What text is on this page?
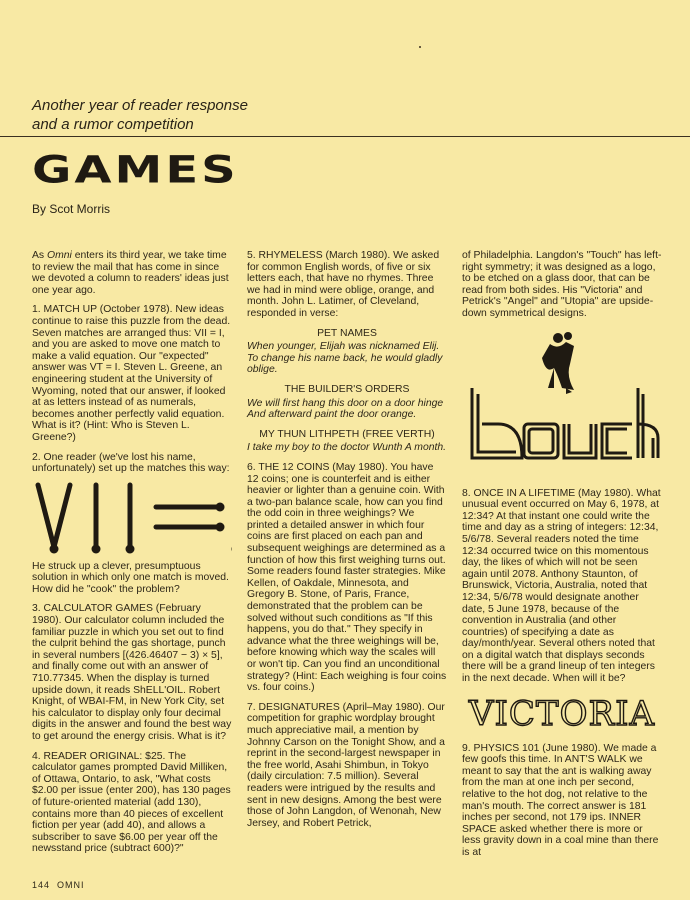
Another year of reader response
and a rumor competition
GAMES
By Scot Morris

As Omni enters its third year, we take time to review the mail that has come in since we devoted a column to readers' ideas just one year ago.

1. MATCH UP (October 1978). New ideas continue to raise this puzzle from the dead. Seven matches are arranged thus: VII = I, and you are asked to move one match to make a valid equation. Our "expected" answer was VT = I. Steven L. Greene, an engineering student at the University of Wyoming, noted that our answer, if looked at as letters instead of as numerals, becomes another perfectly valid equation. What is it? (Hint: Who is Steven L. Greene?)

2. One reader (we've lost his name, unfortunately) set up the matches this way:

He struck up a clever, presumptuous solution in which only one match is moved. How did he "cook" the problem?

3. CALCULATOR GAMES (February 1980). Our calculator column included the familiar puzzle in which you set out to find the culprit behind the gas shortage, punch in several numbers [(426.46407 − 3) × 5], and finally come out with an answer of 710.77345. When the display is turned upside down, it reads ShELL'OIL. Robert Knight, of WBAI-FM, in New York City, set his calculator to display only four decimal digits in the answer and found the best way to get around the energy crisis. What is it?

4. READER ORIGINAL: $25. The calculator games prompted David Milliken, of Ottawa, Ontario, to ask, "What costs $2.00 per issue (enter 200), has 130 pages of future-oriented material (add 130), contains more than 40 pieces of excellent fiction per year (add 40), and allows a subscriber to save $6.00 per year off the newsstand price (subtract 600)?"

5. RHYMELESS (March 1980). We asked for common English words, of five or six letters each, that have no rhymes. Three we had in mind were oblige, orange, and month. John L. Latimer, of Cleveland, responded in verse:

PET NAMES

When younger, Elijah was nicknamed Elij. To change his name back, he would gladly oblige.

THE BUILDER'S ORDERS

We will first hang this door on a door hinge And afterward paint the door orange.

MY THUN LITHPETH (FREE VERTH)

I take my boy to the doctor Wunth A month.

6. THE 12 COINS (May 1980). You have 12 coins; one is counterfeit and is either heavier or lighter than a genuine coin. With a two-pan balance scale, how can you find the odd coin in three weighings? We printed a detailed answer in which four coins are first placed on each pan and subsequent weighings are determined as a function of how this first weighing turns out. Some readers found faster strategies. Mike Kellen, of Oakdale, Minnesota, and Gregory B. Stone, of Paris, France, demonstrated that the problem can be solved without such conditions as "If this happens, you do that." They specify in advance what the three weighings will be, before knowing which way the scales will or won't tip. Can you find an unconditional strategy? (Hint: Each weighing is four coins vs. four coins.)

7. DESIGNATURES (April–May 1980). Our competition for graphic wordplay brought much appreciative mail, a mention by Johnny Carson on the Tonight Show, and a reprint in the second-largest newspaper in the free world, Asahi Shimbun, in Tokyo (daily circulation: 7.5 million). Several readers were intrigued by the results and sent in new designs. Among the best were those of John Langdon, of Wenonah, New Jersey, and Robert Petrick,

of Philadelphia. Langdon's "Touch" has left-right symmetry; it was designed as a logo, to be etched on a glass door, that can be read from both sides. His "Victoria" and Petrick's "Angel" and "Utopia" are upside-down symmetrical designs.

8. ONCE IN A LIFETIME (May 1980). What unusual event occurred on May 6, 1978, at 12:34? At that instant one could write the time and day as a string of integers: 12:34, 5/6/78. Several readers noted the time 12:34 occurred twice on this momentous day, the likes of which will not be seen again until 2078. Anthony Staunton, of Brunswick, Victoria, Australia, noted that 12:34, 5/6/78 would designate another date, 5 June 1978, because of the convention in Australia (and other countries) of specifying a date as day/month/year. Several others noted that on a digital watch that displays seconds there will be a grand lineup of ten integers in the next decade. When will it be?

VICTORIA

9. PHYSICS 101 (June 1980). We made a few goofs this time. In ANT'S WALK we meant to say that the ant is walking away from the man at one inch per second, relative to the hot dog, not relative to the man's mouth. The correct answer is 181 inches per second, not 179 ips. INNER SPACE asked whether there is more or less gravity down in a coal mine than there is at

144 OMNI
